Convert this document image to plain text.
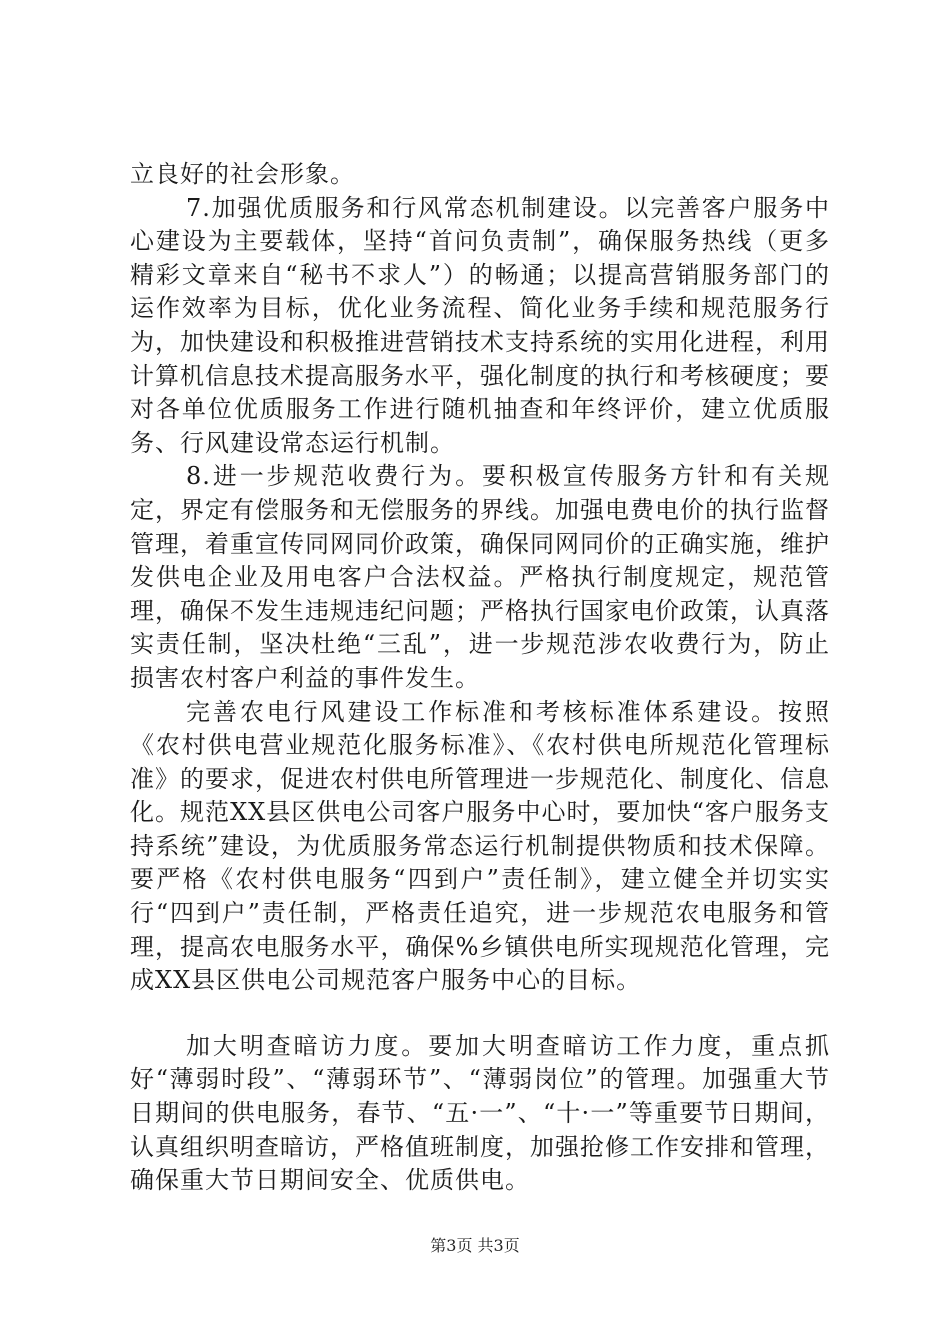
立良好的社会形象。

7.加强优质服务和行风常态机制建设。以完善客户服务中心建设为主要载体，坚持“首问负责制”，确保服务热线（更多精彩文章来自“秘书不求人”）的畅通；以提高营销服务部门的运作效率为目标，优化业务流程、简化业务手续和规范服务行为，加快建设和积极推进营销技术支持系统的实用化进程，利用计算机信息技术提高服务水平，强化制度的执行和考核硬度；要对各单位优质服务工作进行随机抽查和年终评价，建立优质服务、行风建设常态运行机制。

8.进一步规范收费行为。要积极宣传服务方针和有关规定，界定有偿服务和无偿服务的界线。加强电费电价的执行监督管理，着重宣传同网同价政策，确保同网同价的正确实施，维护发供电企业及用电客户合法权益。严格执行制度规定，规范管理，确保不发生违规违纪问题；严格执行国家电价政策，认真落实责任制，坚决杜绝“三乱”，进一步规范涉农收费行为，防止损害农村客户利益的事件发生。

完善农电行风建设工作标准和考核标准体系建设。按照《农村供电营业规范化服务标准》、《农村供电所规范化管理标准》的要求，促进农村供电所管理进一步规范化、制度化、信息化。规范XX县区供电公司客户服务中心时，要加快“客户服务支持系统”建设，为优质服务常态运行机制提供物质和技术保障。要严格《农村供电服务“四到户”责任制》，建立健全并切实实行“四到户”责任制，严格责任追究，进一步规范农电服务和管理，提高农电服务水平，确保%乡镇供电所实现规范化管理，完成XX县区供电公司规范客户服务中心的目标。

加大明查暗访力度。要加大明查暗访工作力度，重点抓好“薄弱时段”、“薄弱环节”、“薄弱岗位”的管理。加强重大节日期间的供电服务，春节、“五·一”、“十·一”等重要节日期间，认真组织明查暗访，严格值班制度，加强抢修工作安排和管理，确保重大节日期间安全、优质供电。

第3页 共3页
